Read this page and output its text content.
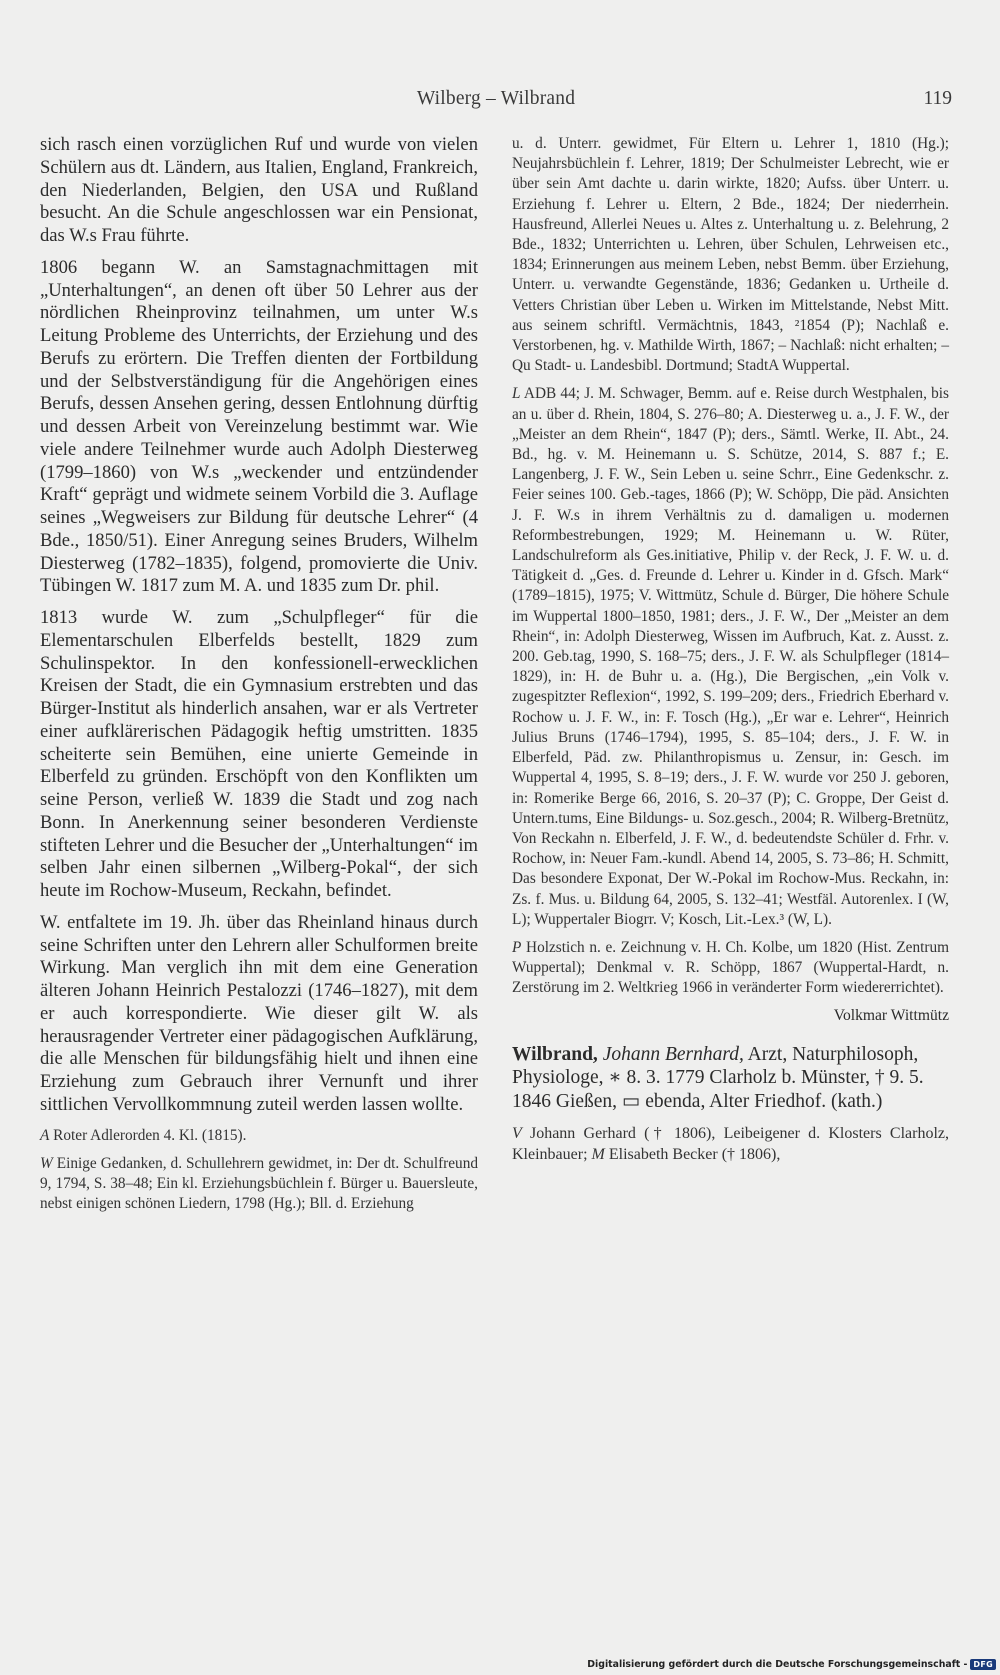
Wilberg – Wilbrand	119

sich rasch einen vorzüglichen Ruf und wurde von vielen Schülern aus dt. Ländern, aus Italien, England, Frankreich, den Niederlanden, Belgien, den USA und Rußland besucht. An die Schule angeschlossen war ein Pensionat, das W.s Frau führte.

1806 begann W. an Samstagnachmittagen mit „Unterhaltungen“, an denen oft über 50 Lehrer aus der nördlichen Rheinprovinz teilnahmen, um unter W.s Leitung Probleme des Unterrichts, der Erziehung und des Berufs zu erörtern. Die Treffen dienten der Fortbildung und der Selbstverständigung für die Angehörigen eines Berufs, dessen Ansehen gering, dessen Entlohnung dürftig und dessen Arbeit von Vereinzelung bestimmt war. Wie viele andere Teilnehmer wurde auch Adolph Diesterweg (1799–1860) von W.s „weckender und entzündender Kraft“ geprägt und widmete seinem Vorbild die 3. Auflage seines „Wegweisers zur Bildung für deutsche Lehrer“ (4 Bde., 1850/51). Einer Anregung seines Bruders, Wilhelm Diesterweg (1782–1835), folgend, promovierte die Univ. Tübingen W. 1817 zum M. A. und 1835 zum Dr. phil.

1813 wurde W. zum „Schulpfleger“ für die Elementarschulen Elberfelds bestellt, 1829 zum Schulinspektor. In den konfessionell-erwecklichen Kreisen der Stadt, die ein Gymnasium erstrebten und das Bürger-Institut als hinderlich ansahen, war er als Vertreter einer aufklärerischen Pädagogik heftig umstritten. 1835 scheiterte sein Bemühen, eine unierte Gemeinde in Elberfeld zu gründen. Erschöpft von den Konflikten um seine Person, verließ W. 1839 die Stadt und zog nach Bonn. In Anerkennung seiner besonderen Verdienste stifteten Lehrer und die Besucher der „Unterhaltungen“ im selben Jahr einen silbernen „Wilberg-Pokal“, der sich heute im Rochow-Museum, Reckahn, befindet.

W. entfaltete im 19. Jh. über das Rheinland hinaus durch seine Schriften unter den Lehrern aller Schulformen breite Wirkung. Man verglich ihn mit dem eine Generation älteren Johann Heinrich Pestalozzi (1746–1827), mit dem er auch korrespondierte. Wie dieser gilt W. als herausragender Vertreter einer pädagogischen Aufklärung, die alle Menschen für bildungsfähig hielt und ihnen eine Erziehung zum Gebrauch ihrer Vernunft und ihrer sittlichen Vervollkommnung zuteil werden lassen wollte.

A Roter Adlerorden 4. Kl. (1815).

W Einige Gedanken, d. Schullehrern gewidmet, in: Der dt. Schulfreund 9, 1794, S. 38–48; Ein kl. Erziehungsbüchlein f. Bürger u. Bauersleute, nebst einigen schönen Liedern, 1798 (Hg.); Bll. d. Erziehung

u. d. Unterr. gewidmet, Für Eltern u. Lehrer 1, 1810 (Hg.); Neujahrsbüchlein f. Lehrer, 1819; Der Schulmeister Lebrecht, wie er über sein Amt dachte u. darin wirkte, 1820; Aufss. über Unterr. u. Erziehung f. Lehrer u. Eltern, 2 Bde., 1824; Der niederrhein. Hausfreund, Allerlei Neues u. Altes z. Unterhaltung u. z. Belehrung, 2 Bde., 1832; Unterrichten u. Lehren, über Schulen, Lehrweisen etc., 1834; Erinnerungen aus meinem Leben, nebst Bemm. über Erziehung, Unterr. u. verwandte Gegenstände, 1836; Gedanken u. Urtheile d. Vetters Christian über Leben u. Wirken im Mittelstande, Nebst Mitt. aus seinem schriftl. Vermächtnis, 1843, ²1854 (P); Nachlaß e. Verstorbenen, hg. v. Mathilde Wirth, 1867; – Nachlaß: nicht erhalten; – Qu Stadt- u. Landesbibl. Dortmund; StadtA Wuppertal.

L ADB 44; J. M. Schwager, Bemm. auf e. Reise durch Westphalen, bis an u. über d. Rhein, 1804, S. 276–80; A. Diesterweg u. a., J. F. W., der „Meister an dem Rhein“, 1847 (P); ders., Sämtl. Werke, II. Abt., 24. Bd., hg. v. M. Heinemann u. S. Schütze, 2014, S. 887 f.; E. Langenberg, J. F. W., Sein Leben u. seine Schrr., Eine Gedenkschr. z. Feier seines 100. Geb.-tages, 1866 (P); W. Schöpp, Die päd. Ansichten J. F. W.s in ihrem Verhältnis zu d. damaligen u. modernen Reformbestrebungen, 1929; M. Heinemann u. W. Rüter, Landschulreform als Ges.initiative, Philip v. der Reck, J. F. W. u. d. Tätigkeit d. „Ges. d. Freunde d. Lehrer u. Kinder in d. Gfsch. Mark“ (1789–1815), 1975; V. Wittmütz, Schule d. Bürger, Die höhere Schule im Wuppertal 1800–1850, 1981; ders., J. F. W., Der „Meister an dem Rhein“, in: Adolph Diesterweg, Wissen im Aufbruch, Kat. z. Ausst. z. 200. Geb.tag, 1990, S. 168–75; ders., J. F. W. als Schulpfleger (1814–1829), in: H. de Buhr u. a. (Hg.), Die Bergischen, „ein Volk v. zugespitzter Reflexion“, 1992, S. 199–209; ders., Friedrich Eberhard v. Rochow u. J. F. W., in: F. Tosch (Hg.), „Er war e. Lehrer“, Heinrich Julius Bruns (1746–1794), 1995, S. 85–104; ders., J. F. W. in Elberfeld, Päd. zw. Philanthropismus u. Zensur, in: Gesch. im Wuppertal 4, 1995, S. 8–19; ders., J. F. W. wurde vor 250 J. geboren, in: Romerike Berge 66, 2016, S. 20–37 (P); C. Groppe, Der Geist d. Untern.tums, Eine Bildungs- u. Soz.gesch., 2004; R. Wilberg-Bretnütz, Von Reckahn n. Elberfeld, J. F. W., d. bedeutendste Schüler d. Frhr. v. Rochow, in: Neuer Fam.-kundl. Abend 14, 2005, S. 73–86; H. Schmitt, Das besondere Exponat, Der W.-Pokal im Rochow-Mus. Reckahn, in: Zs. f. Mus. u. Bildung 64, 2005, S. 132–41; Westfäl. Autorenlex. I (W, L); Wuppertaler Biogrr. V; Kosch, Lit.-Lex.³ (W, L).

P Holzstich n. e. Zeichnung v. H. Ch. Kolbe, um 1820 (Hist. Zentrum Wuppertal); Denkmal v. R. Schöpp, 1867 (Wuppertal-Hardt, n. Zerstörung im 2. Weltkrieg 1966 in veränderter Form wiedererrichtet).

Volkmar Wittmütz

Wilbrand, Johann Bernhard, Arzt, Naturphilosoph, Physiologe, ∗ 8. 3. 1779 Clarholz b. Münster, † 9. 5. 1846 Gießen, ▭ ebenda, Alter Friedhof. (kath.)

V Johann Gerhard († 1806), Leibeigener d. Klosters Clarholz, Kleinbauer; M Elisabeth Becker († 1806),

Digitalisierung gefördert durch die Deutsche Forschungsgemeinschaft - DFG
